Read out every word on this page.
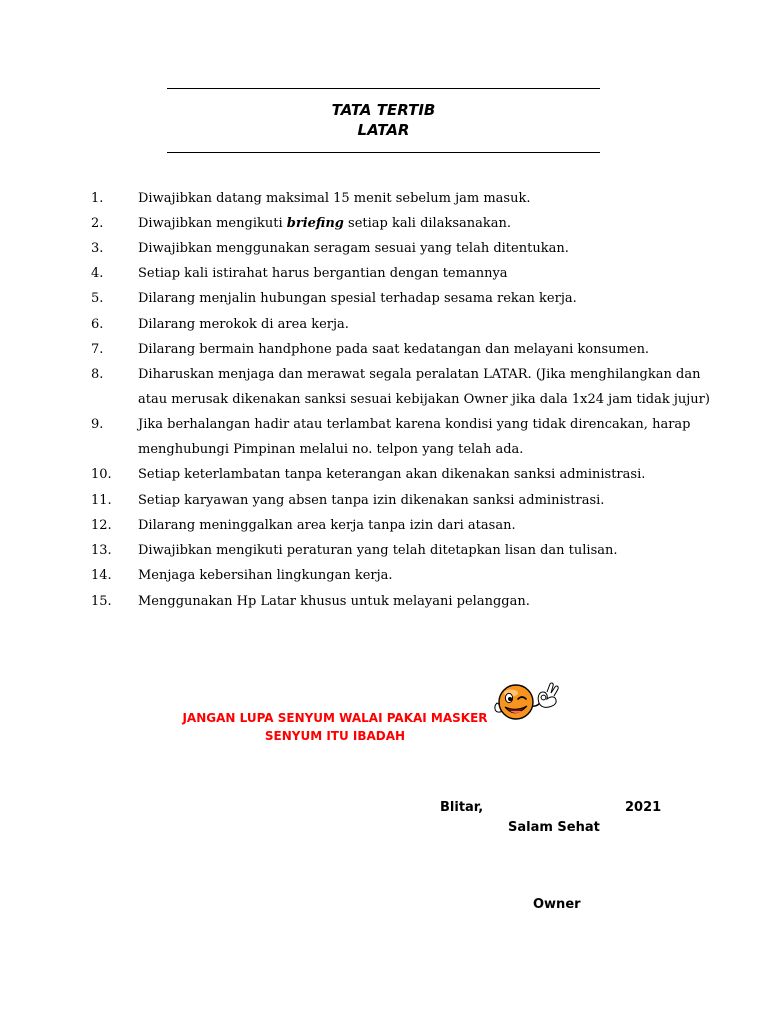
TATA TERTIB
LATAR
1.	Diwajibkan datang maksimal 15 menit sebelum jam masuk.
2.	Diwajibkan mengikuti briefing setiap kali dilaksanakan.
3.	Diwajibkan menggunakan seragam sesuai yang telah ditentukan.
4.	Setiap kali istirahat harus bergantian dengan temannya
5.	Dilarang menjalin hubungan spesial terhadap sesama rekan kerja.
6.	Dilarang merokok di area kerja.
7.	Dilarang bermain handphone pada saat kedatangan dan melayani konsumen.
8.	Diharuskan menjaga dan merawat segala peralatan LATAR. (Jika menghilangkan dan
atau merusak dikenakan sanksi sesuai kebijakan Owner jika dala 1x24 jam tidak jujur)
9.	Jika berhalangan hadir atau terlambat karena kondisi yang tidak direncakan, harap
menghubungi Pimpinan melalui no. telpon yang telah ada.
10.	Setiap keterlambatan tanpa keterangan akan dikenakan sanksi administrasi.
11.	Setiap karyawan yang absen tanpa izin dikenakan sanksi administrasi.
12.	Dilarang meninggalkan area kerja tanpa izin dari atasan.
13.	Diwajibkan mengikuti peraturan yang telah ditetapkan lisan dan tulisan.
14.	Menjaga kebersihan lingkungan kerja.
15.	Menggunakan Hp Latar khusus untuk melayani pelanggan.
JANGAN LUPA SENYUM WALAI PAKAI MASKER
SENYUM ITU IBADAH
Blitar,	2021
Salam Sehat
Owner
